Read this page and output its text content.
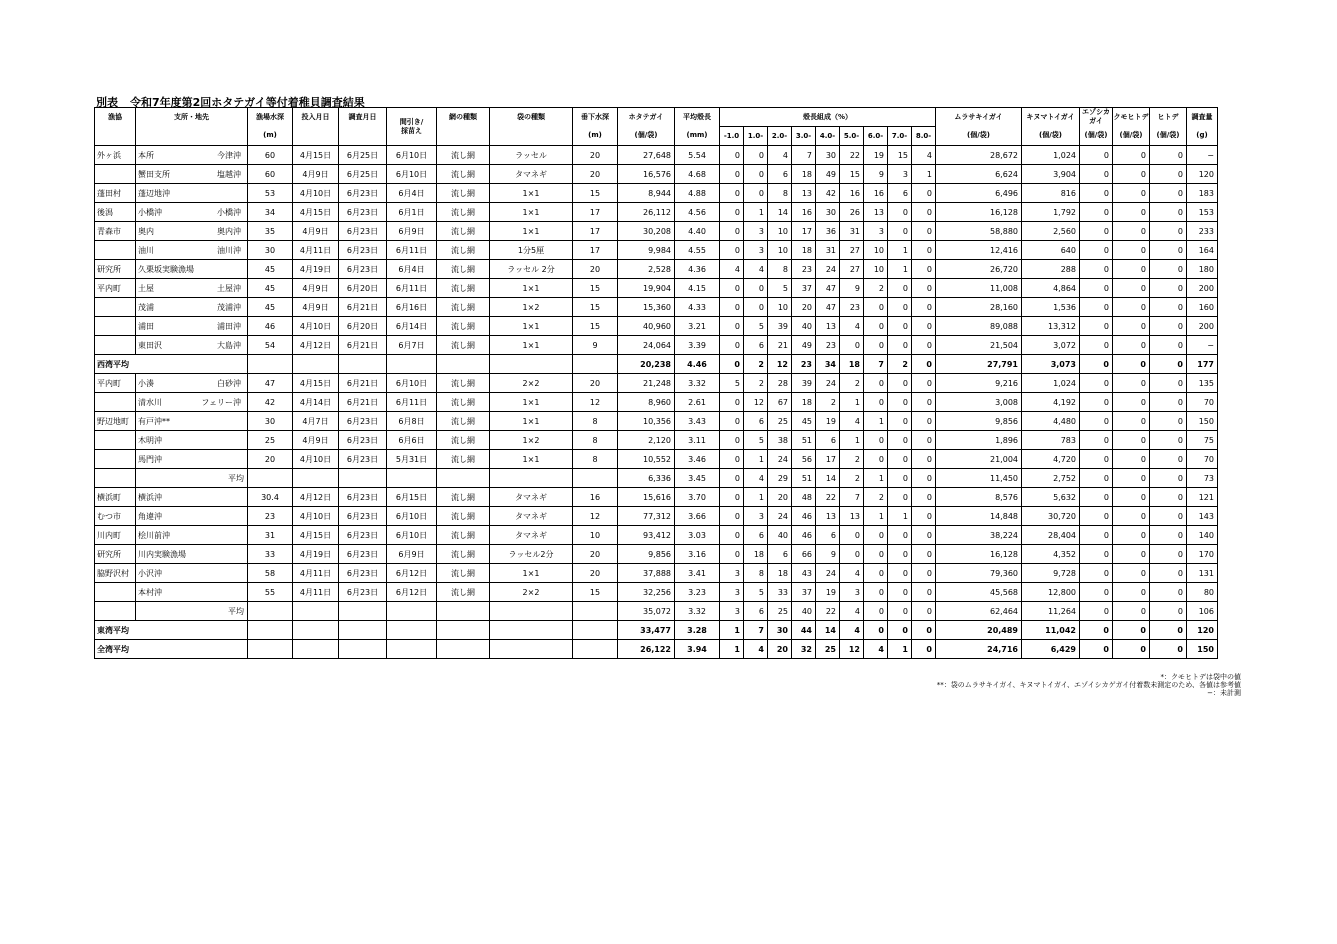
別表 令和7年度第2回ホタテガイ等付着稚貝調査結果
漁協	支所・地先	漁場水深	投入月日	調査月日	間引き/
採苗え	網の種類	袋の種類	垂下水深	ホタテガイ	平均殻長	殻長組成（%）									ムラサキイガイ	キヌマトイガイ	エゾシカ
ガイ	クモヒトデ	ヒトデ	調査量
		(m)						(m)	(個/袋)	(mm)	-1.0	1.0-	2.0-	3.0-	4.0-	5.0-	6.0-	7.0-	8.0-	(個/袋)	(個/袋)	(個/袋)	(個/袋)	(個/袋)	(g)
外ヶ浜	本所 今津沖	60	4月15日	6月25日	6月10日	流し網	ラッセル	20	27,648	5.54	0	0	4	7	30	22	19	15	4	28,672	1,024	0	0	0	−

	蟹田支所 塩越沖	60	4月9日	6月25日	6月10日	流し網	タマネギ	20	16,576	4.68	0	0	6	18	49	15	9	3	1	6,624	3,904	0	0	0	120
蓬田村	蓬辺地沖	53	4月10日	6月23日	6月4日	流し網	1×1	15	8,944	4.88	0	0	8	13	42	16	16	6	0	6,496	816	0	0	0	183
後潟	小橋沖 小橋沖	34	4月15日	6月23日	6月1日	流し網	1×1	17	26,112	4.56	0	1	14	16	30	26	13	0	0	16,128	1,792	0	0	0	153
青森市	奥内 奥内沖	35	4月9日	6月23日	6月9日	流し網	1×1	17	30,208	4.40	0	3	10	17	36	31	3	0	0	58,880	2,560	0	0	0	233

	油川 油川沖	30	4月11日	6月23日	6月11日	流し網	1分5厘	17	9,984	4.55	0	3	10	18	31	27	10	1	0	12,416	640	0	0	0	164
研究所	久栗坂実験漁場	45	4月19日	6月23日	6月4日	流し網	ラッセル 2分	20	2,528	4.36	4	4	8	23	24	27	10	1	0	26,720	288	0	0	0	180
平内町	土屋 土屋沖	45	4月9日	6月20日	6月11日	流し網	1×1	15	19,904	4.15	0	0	5	37	47	9	2	0	0	11,008	4,864	0	0	0	200

	茂浦 茂浦沖	45	4月9日	6月21日	6月16日	流し網	1×2	15	15,360	4.33	0	0	10	20	47	23	0	0	0	28,160	1,536	0	0	0	160

	浦田 浦田沖	46	4月10日	6月20日	6月14日	流し網	1×1	15	40,960	3.21	0	5	39	40	13	4	0	0	0	89,088	13,312	0	0	0	200

	東田沢 大島沖	54	4月12日	6月21日	6月7日	流し網	1×1	9	24,064	3.39	0	6	21	49	23	0	0	0	0	21,504	3,072	0	0	0	−
西湾平均									20,238	4.46	0	2	12	23	34	18	7	2	0	27,791	3,073	0	0	0	177
平内町	小湊 白砂沖	47	4月15日	6月21日	6月10日	流し網	2×2	20	21,248	3.32	5	2	28	39	24	2	0	0	0	9,216	1,024	0	0	0	135

	清水川 フェリー沖	42	4月14日	6月21日	6月11日	流し網	1×1	12	8,960	2.61	0	12	67	18	2	1	0	0	0	3,008	4,192	0	0	0	70
野辺地町	有戸沖**	30	4月7日	6月23日	6月8日	流し網	1×1	8	10,356	3.43	0	6	25	45	19	4	1	0	0	9,856	4,480	0	0	0	150

	木明沖	25	4月9日	6月23日	6月6日	流し網	1×2	8	2,120	3.11	0	5	38	51	6	1	0	0	0	1,896	783	0	0	0	75

	馬門沖	20	4月10日	6月23日	5月31日	流し網	1×1	8	10,552	3.46	0	1	24	56	17	2	0	0	0	21,004	4,720	0	0	0	70
	平均								6,336	3.45	0	4	29	51	14	2	1	0	0	11,450	2,752	0	0	0	73
横浜町	横浜沖	30.4	4月12日	6月23日	6月15日	流し網	タマネギ	16	15,616	3.70	0	1	20	48	22	7	2	0	0	8,576	5,632	0	0	0	121
むつ市	角違沖	23	4月10日	6月23日	6月10日	流し網	タマネギ	12	77,312	3.66	0	3	24	46	13	13	1	1	0	14,848	30,720	0	0	0	143
川内町	桧川前沖	31	4月15日	6月23日	6月10日	流し網	タマネギ	10	93,412	3.03	0	6	40	46	6	0	0	0	0	38,224	28,404	0	0	0	140
研究所	川内実験漁場	33	4月19日	6月23日	6月9日	流し網	ラッセル2分	20	9,856	3.16	0	18	6	66	9	0	0	0	0	16,128	4,352	0	0	0	170
脇野沢村	小沢沖	58	4月11日	6月23日	6月12日	流し網	1×1	20	37,888	3.41	3	8	18	43	24	4	0	0	0	79,360	9,728	0	0	0	131

	本村沖	55	4月11日	6月23日	6月12日	流し網	2×2	15	32,256	3.23	3	5	33	37	19	3	0	0	0	45,568	12,800	0	0	0	80
	平均								35,072	3.32	3	6	25	40	22	4	0	0	0	62,464	11,264	0	0	0	106
東湾平均									33,477	3.28	1	7	30	44	14	4	0	0	0	20,489	11,042	0	0	0	120
全湾平均									26,122	3.94	1	4	20	32	25	12	4	1	0	24,716	6,429	0	0	0	150
*：クモヒトデは袋中の値
**：袋のムラサキイガイ、キヌマトイガイ、エゾイシカゲガイ付着数未測定のため、各値は参考値
−：未計測
